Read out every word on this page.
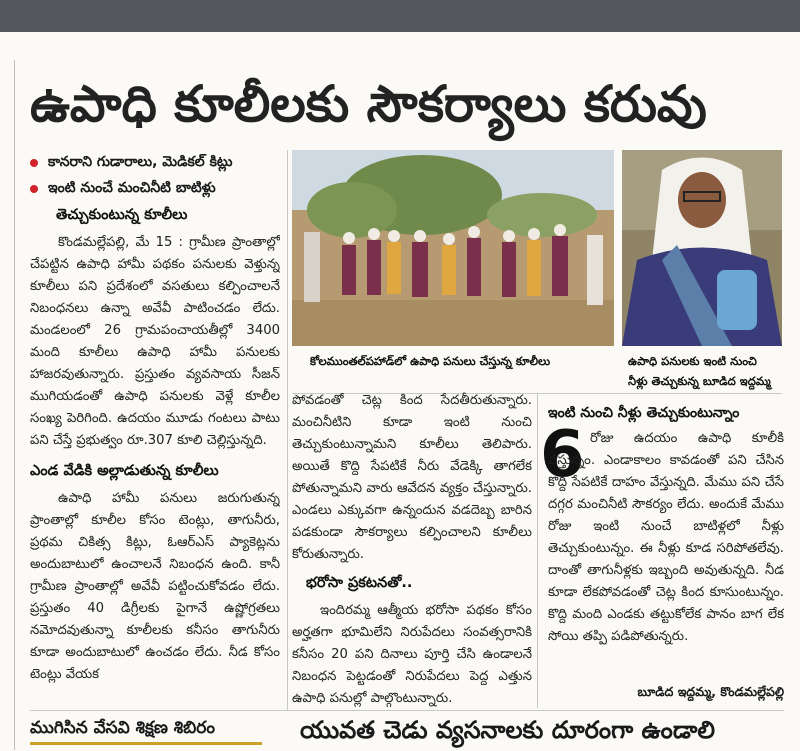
ఉపాధి కూలీలకు సౌకర్యాలు కరువు
కానరాని గుడారాలు, మెడికల్‌ కిట్లు
ఇంటి నుంచే మంచినీటి బాటిళ్లు
తెచ్చుకుంటున్న కూలీలు

కొండమల్లేపల్లి, మే 15 : గ్రామీణ ప్రాంతాల్లో చేపట్టిన ఉపాధి హామీ పథకం పనులకు వెళ్తున్న కూలీలు పని ప్రదేశంలో వసతులు కల్పించాలనే నిబంధనలు ఉన్నా అవేవీ పాటించడం లేదు. మండలంలో 26 గ్రామపంచాయతీల్లో 3400 మంది కూలీలు ఉపాధి హామీ పనులకు హాజరవుతున్నారు. ప్రస్తుతం వ్యవసాయ సీజన్‌ ముగియడంతో ఉపాధి పనులకు వెళ్లే కూలీల సంఖ్య పెరిగింది. ఉదయం మూడు గంటలు పాటు పని చేస్తే ప్రభుత్వం రూ.307 కూలి చెల్లిస్తున్నది.

ఎండ వేడికి అల్లాడుతున్న కూలీలు

ఉపాధి హామీ పనులు జరుగుతున్న ప్రాంతాల్లో కూలీల కోసం టెంట్లు, తాగునీరు, ప్రథమ చికిత్స కిట్లు, ఓఆర్‌ఎస్‌ ప్యాకెట్లను అందుబాటులో ఉంచాలనే నిబంధన ఉంది. కానీ గ్రామీణ ప్రాంతాల్లో అవేవీ పట్టించుకోవడం లేదు. ప్రస్తుతం 40 డిగ్రీలకు పైగానే ఉష్ణోగ్రతలు నమోదవుతున్నా కూలీలకు కనీసం తాగునీరు కూడా అందుబాటులో ఉంచడం లేదు. నీడ కోసం టెంట్లు వేయక

కోలముంతల్‌పహాడ్‌లో ఉపాధి పనులు చేస్తున్న కూలీలు	ఉపాధి పనులకు ఇంటి నుంచి
నీళ్లు తెచ్చుకున్న బూడిద ఇద్దమ్మ

పోవడంతో చెట్ల కింద సేదతీరుతున్నారు. మంచినీటిని కూడా ఇంటి నుంచి తెచ్చుకుంటున్నామని కూలీలు తెలిపారు. అయితే కొద్ది సేపటికే నీరు వేడెక్కి తాగలేక పోతున్నామని వారు ఆవేదన వ్యక్తం చేస్తున్నారు. ఎండలు ఎక్కువగా ఉన్నందున వడదెబ్బ బారిన పడకుండా సౌకర్యాలు కల్పించాలని కూలీలు కోరుతున్నారు.

భరోసా ప్రకటనతో..

ఇందిరమ్మ ఆత్మీయ భరోసా పథకం కోసం అర్హతగా భూమిలేని నిరుపేదలు సంవత్సరానికి కనీసం 20 పని దినాలు పూర్తి చేసి ఉండాలనే నిబంధన పెట్టడంతో నిరుపేదలు పెద్ద ఎత్తున ఉపాధి పనుల్లో పాల్గొంటున్నారు.

ఇంటి నుంచి నీళ్లు తెచ్చుకుంటున్నాం
6 రోజు ఉదయం ఉపాధి కూలీకి వస్తున్నం. ఎండాకాలం కావడంతో పని చేసిన కొద్ది సేపటికే దాహం వేస్తున్నది. మేము పని చేసే దగ్గర మంచినీటి సౌకర్యం లేదు. అందుకే మేము రోజు ఇంటి నుంచే బాటిళ్లలో నీళ్లు తెచ్చుకుంటున్నం. ఈ నీళ్లు కూడ సరిపోతలేవు. దాంతో తాగునీళ్లకు ఇబ్బంది అవుతున్నది. నీడ కూడా లేకపోవడంతో చెట్ల కింద కూసుంటున్నం. కొద్ది మంది ఎండకు తట్టుకోలేక పానం బాగ లేక సోయి తప్పి పడిపోతున్నరు.

బూడిద ఇద్దమ్మ, కొండమల్లేపల్లి
ముగిసిన వేసవి శిక్షణ శిబిరం	యువత చెడు వ్యసనాలకు దూరంగా ఉండాలి
